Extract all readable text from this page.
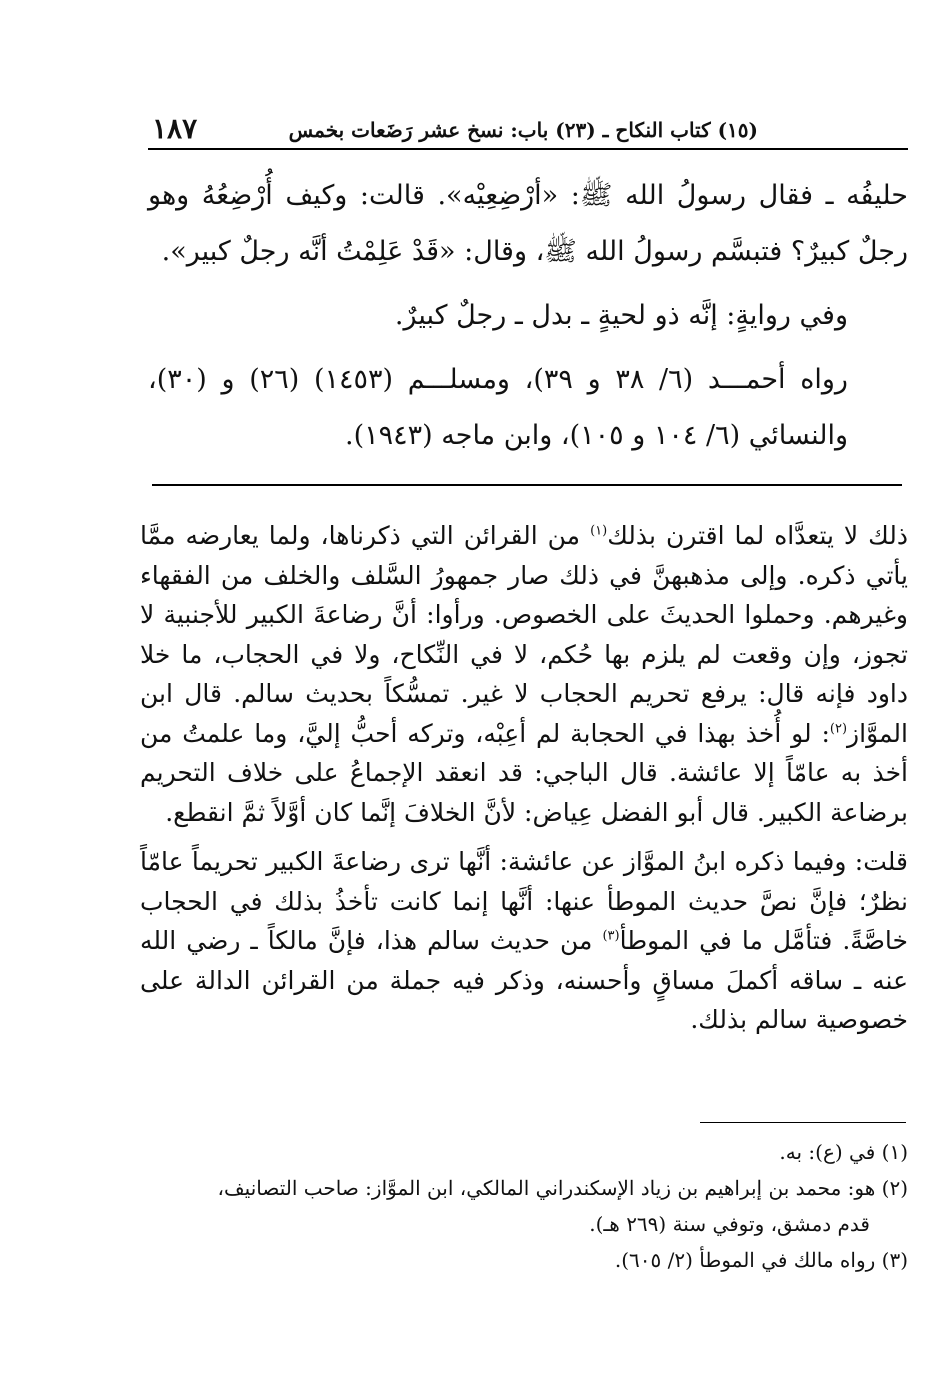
(١٥) كتاب النكاح ـ (٢٣) باب: نسخ عشر رَضَعات بخمس
١٨٧

حليفُه ـ فقال رسولُ الله ﷺ: «أرْضِعِيْه». قالت: وكيف أُرْضِعُهُ وهو رجلٌ كبيرٌ؟ فتبسَّم رسولُ الله ﷺ، وقال: «قَدْ عَلِمْتُ أنَّه رجلٌ كبير».

وفي روايةٍ: إنَّه ذو لحيةٍ ـ بدل ـ رجلٌ كبيرٌ.

رواه أحمـــد (٦/ ٣٨ و ٣٩)، ومسلـــم (١٤٥٣) (٢٦) و (٣٠)، والنسائي (٦/ ١٠٤ و ١٠٥)، وابن ماجه (١٩٤٣).

ذلك لا يتعدَّاه لما اقترن بذلك$^{(١)}$ من القرائن التي ذكرناها، ولما يعارضه ممَّا يأتي ذكره. وإلى مذهبهنَّ في ذلك صار جمهورُ السَّلف والخلف من الفقهاء وغيرهم. وحملوا الحديثَ على الخصوص. ورأوا: أنَّ رضاعةَ الكبير للأجنبية لا تجوز، وإن وقعت لم يلزم بها حُكم، لا في النِّكاح، ولا في الحجاب، ما خلا داود فإنه قال: يرفع تحريم الحجاب لا غير. تمسُّكاً بحديث سالم. قال ابن الموَّاز$^{(٢)}$: لو أُخذ بهذا في الحجابة لم أعِبْه، وتركه أحبُّ إليَّ، وما علمتُ من أخذ به عامّاً إلا عائشة. قال الباجي: قد انعقد الإجماعُ على خلاف التحريم برضاعة الكبير. قال أبو الفضل عِياض: لأنَّ الخلافَ إنَّما كان أوَّلاً ثمَّ انقطع.

قلت: وفيما ذكره ابنُ الموَّاز عن عائشة: أنَّها ترى رضاعةَ الكبير تحريماً عامّاً نظرٌ؛ فإنَّ نصَّ حديث الموطأ عنها: أنَّها إنما كانت تأخذُ بذلك في الحجاب خاصَّةً. فتأمَّل ما في الموطأ$^{(٣)}$ من حديث سالم هذا، فإنَّ مالكاً ـ رضي الله عنه ـ ساقه أكملَ مساقٍ وأحسنه، وذكر فيه جملة من القرائن الدالة على خصوصية سالم بذلك.

(١) في (ع): به.

(٢) هو: محمد بن إبراهيم بن زياد الإسكندراني المالكي، ابن الموَّاز: صاحب التصانيف،

قدم دمشق، وتوفي سنة (٢٦٩ هـ).

(٣) رواه مالك في الموطأ (٢/ ٦٠٥).
